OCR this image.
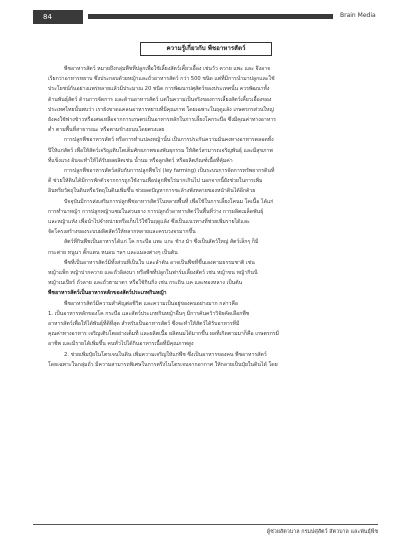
84	Brain Media
ความรู้เกี่ยวกับ พืชอาหารสัตว์

พืชอาหารสัตว์ หมายถึงกลุ่มพืชที่ปลูกเพื่อใช้เลี้ยงสัตว์เคี้ยวเอื้อง เช่นวัว ควาย แพะ และ จึงอาจ
เรียกว่าอาหารหยาบ ซึ่งประกอบด้วยหญ้าและถั่วอาหารสัตว์ กว่า 500 ชนิด แต่ที่มีการนำมาปลูกและใช้
ประโยชน์กันอย่างแพร่หลายแล้วมีประมาณ 20 ชนิด การพัฒนาปศุสัตว์ของประเทศนั้น ควรพัฒนาทั้ง
ด้านพันธุ์สัตว์ ด้านการจัดการ และด้านอาหารสัตว์ แต่ในความเป็นจริงของการเลี้ยงสัตว์เคี้ยวเอื้องของ
ประเทศไทยนั้นพบว่า เรายังขาดแคลนอาหารหยาบที่มีคุณภาพ โดยเฉพาะในฤดูแล้ง เกษตรกรส่วนใหญ่
ยังคงใช้ฟางข้าวหรือเศษเหลือจากการเกษตรเป็นอาหารหลักในการเลี้ยงโคกระบือ ซึ่งมีคุณค่าทางอาหาร
ต่ำ ตามพื้นที่สาธารณะ หรือตามข้างถนนโดยตรงเลย

การปลูกพืชอาหารสัตว์ หรือการทำแปลงหญ้านั้น เป็นการประกันความมั่นคงทางอาหารตลอดทั้ง
ปีให้แก่สัตว์ เพื่อให้สัตว์เจริญเติบโตเต็มศักยภาพของพันธุกรรม ให้สัตว์สามารถเจริญพันธุ์ และมีสุขภาพ
ที่แข็งแรง อันจะทำให้ได้รับผลผลิตเช่น น้ำนม หรือลูกสัตว์ หรือผลิตภัณฑ์เนื้อที่คุ้มค่า

การปลูกพืชอาหารสัตว์สลับกับการปลูกพืชไร่ (ley farming) เป็นระบบการจัดการทรัพยากรดินที่
ดี ช่วยให้ดินได้มีการพักตัวจากการถูกใช้งานเพื่อปลูกพืชไร่มากเกินไป นอกจากนี้ยังช่วยในการเพิ่ม
อินทรียวัตถุในดินหรือวัตถุในดินเพิ่มขึ้น ช่วยลดปัญหาการชะล้างพังทลายของหน้าดินได้อีกด้วย

ปัจจุบันมีการส่งเสริมการปลูกพืชอาหารสัตว์ในหลายพื้นที่ เพื่อใช้ในการเลี้ยงโคนม โคเนื้อ ได้แก่
การทำนาหญ้า การปลูกหญ้าแซมในสวนยาง การปลูกถั่วอาหารสัตว์ในพื้นที่ว่าง การผลิตเมล็ดพันธุ์
และหญ้าแห้ง เพื่อนำไปจำหน่ายหรือเก็บไว้ใช้ในฤดูแล้ง ซึ่งเป็นแนวทางที่ช่วยเพิ่มรายได้และ
จัดโครงสร้างของระบบผลิตสัตว์ให้หลากหลายและครบวงจรมากขึ้น

สัตว์ที่กินพืชเป็นอาหารได้แก่ โค กระบือ แพะ แกะ ช้าง ม้า ซึ่งเป็นสัตว์ใหญ่ สัตว์เล็กๆ ก็มี
กระต่าย หนูนา ตั๊กแตน หนอน ฯลฯ และแมลงต่างๆ เป็นต้น

พืชที่เป็นอาหารสัตว์มีทั้งส่วนที่เป็นใบ และลำต้น อาจเป็นพืชที่ขึ้นเองตามธรรมชาติ เช่น
หญ้าแพ็ก หญ้าปากควาย และถั่วลิสงนา หรือพืชที่ปลูกในฟาร์มเลี้ยงสัตว์ เช่น หญ้าขน หญ้ากินนี
หญ้าเนเปียร์ ถั่วลาย และถั่วฮามาตา หรือใช้กินกิ่ง เช่น กระถิน แค และทองหลาง เป็นต้น

พืชอาหารสัตว์เป็นอาหารหลักของสัตว์ประเภทกินหญ้า

พืชอาหารสัตว์มีความสำคัญต่อชีวิต และความเป็นอยู่ของคนอย่างมาก กล่าวคือ
1. เป็นอาหารหลักของโค กระบือ และสัตว์ประเภทกินหญ้าอื่นๆ มีการค้นคว้าวิจัยคัดเลือกพืช
อาหารสัตว์เพื่อให้ได้พันธุ์ที่ดีที่สุด สำหรับเป็นอาหารสัตว์ ซึ่งจะทำให้สัตว์ได้รับอาหารที่มี
คุณค่าทางอาหาร เจริญเติบโตอย่างเต็มที่ และผลิตเนื้อ ผลิตนมได้มากขึ้น ผลที่เกิดตามมาก็คือ เกษตรกรมี
อาชีพ และมีรายได้เพิ่มขึ้น คนทั่วไปได้กินอาหารเนื้อที่มีคุณภาพสูง

2. ช่วยเพิ่มปุ๋ยในโตรเจนในดิน เพิ่มความเจริญให้แก่พืช ซึ่งเป็นอาหารของคน พืชอาหารสัตว์
โดยเฉพาะในกลุ่มถั่ว มีความสามารถพิเศษในการตรึงไนโตรเจนจากอากาศ ให้กลายเป็นปุ๋ยในดินได้ โดย

ผู้ช่วยสัตวบาล กรมปศุสัตว์ สัตวบาล และพันธุ์พืช
